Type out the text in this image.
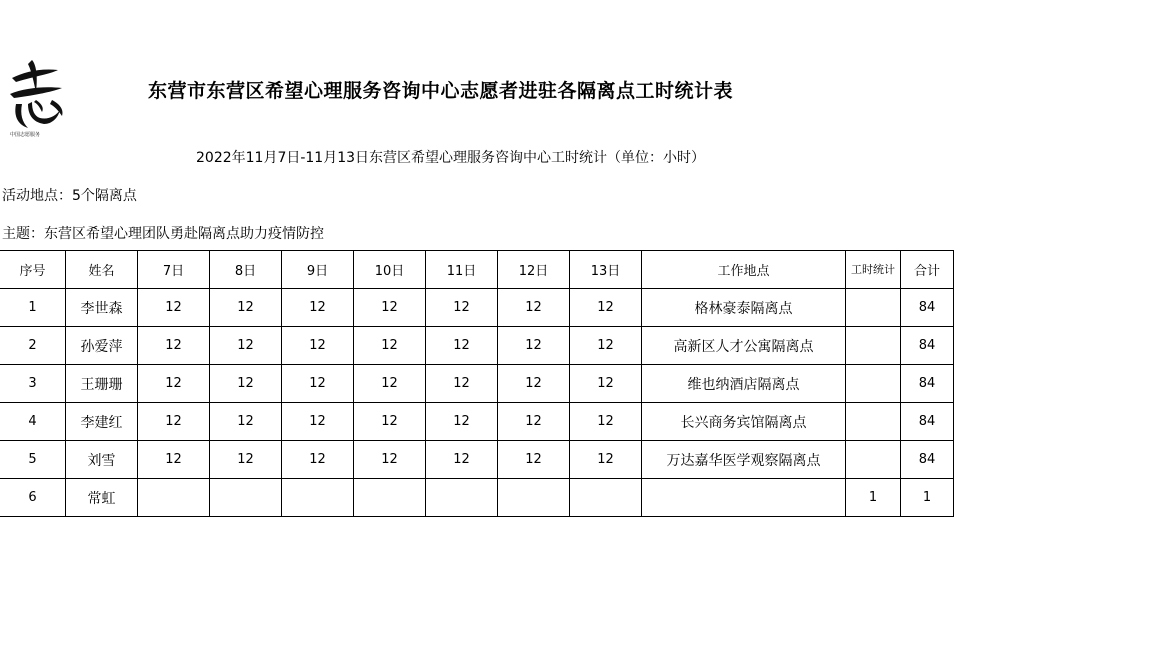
中国志愿服务
东营市东营区希望心理服务咨询中心志愿者进驻各隔离点工时统计表
2022年11月7日-11月13日东营区希望心理服务咨询中心工时统计（单位：小时）
活动地点：5个隔离点
主题：东营区希望心理团队勇赴隔离点助力疫情防控
序号	姓名	7日	8日	9日	10日	11日	12日	13日	工作地点	工时统计	合计
1	李世森	12	12	12	12	12	12	12	格林豪泰隔离点		84
2	孙爱萍	12	12	12	12	12	12	12	高新区人才公寓隔离点		84
3	王珊珊	12	12	12	12	12	12	12	维也纳酒店隔离点		84
4	李建红	12	12	12	12	12	12	12	长兴商务宾馆隔离点		84
5	刘雪	12	12	12	12	12	12	12	万达嘉华医学观察隔离点		84
6	常虹									1	1
